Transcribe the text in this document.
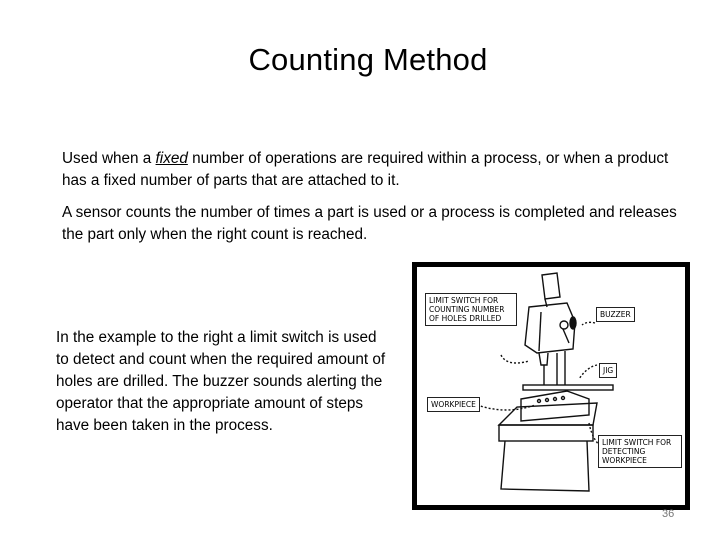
Counting Method
Used when a fixed number of operations are required within a process, or when a product has a fixed number of parts that are attached to it.
A sensor counts the number of times a part is used or a process is completed and releases the part only when the right count is reached.
In the example to the right a limit switch is used to detect and count when the required amount of holes are drilled. The buzzer sounds alerting the operator that the appropriate amount of steps have been taken in the process.
LIMIT SWITCH FOR COUNTING NUMBER OF HOLES DRILLED	BUZZER
JIG
WORKPIECE
LIMIT SWITCH FOR DETECTING WORKPIECE
36
